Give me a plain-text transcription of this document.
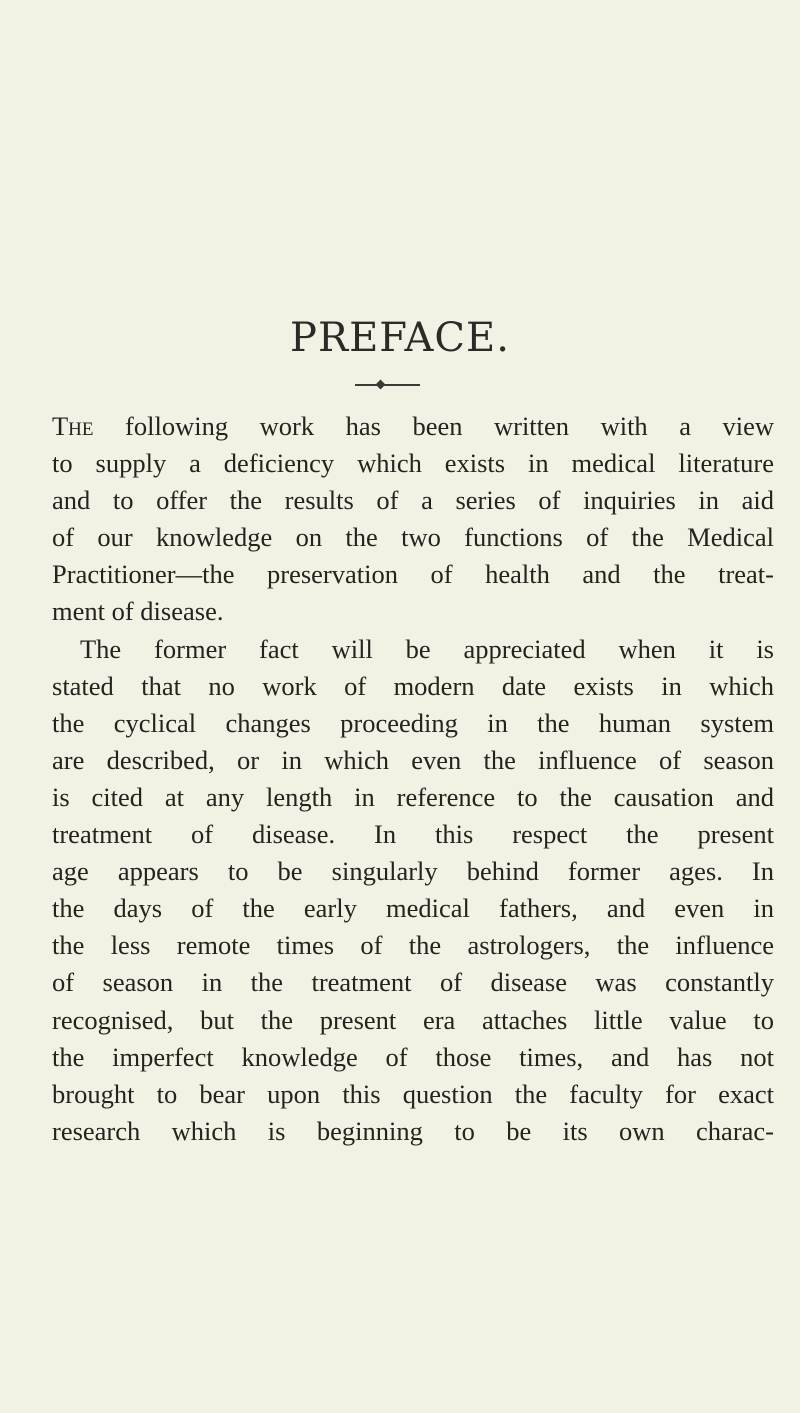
PREFACE.
The following work has been written with a view
to supply a deficiency which exists in medical literature
and to offer the results of a series of inquiries in aid
of our knowledge on the two functions of the Medical
Practitioner—the preservation of health and the treat-
ment of disease.
The former fact will be appreciated when it is
stated that no work of modern date exists in which
the cyclical changes proceeding in the human system
are described, or in which even the influence of season
is cited at any length in reference to the causation and
treatment of disease. In this respect the present
age appears to be singularly behind former ages. In
the days of the early medical fathers, and even in
the less remote times of the astrologers, the influence
of season in the treatment of disease was constantly
recognised, but the present era attaches little value to
the imperfect knowledge of those times, and has not
brought to bear upon this question the faculty for exact
research which is beginning to be its own charac-
